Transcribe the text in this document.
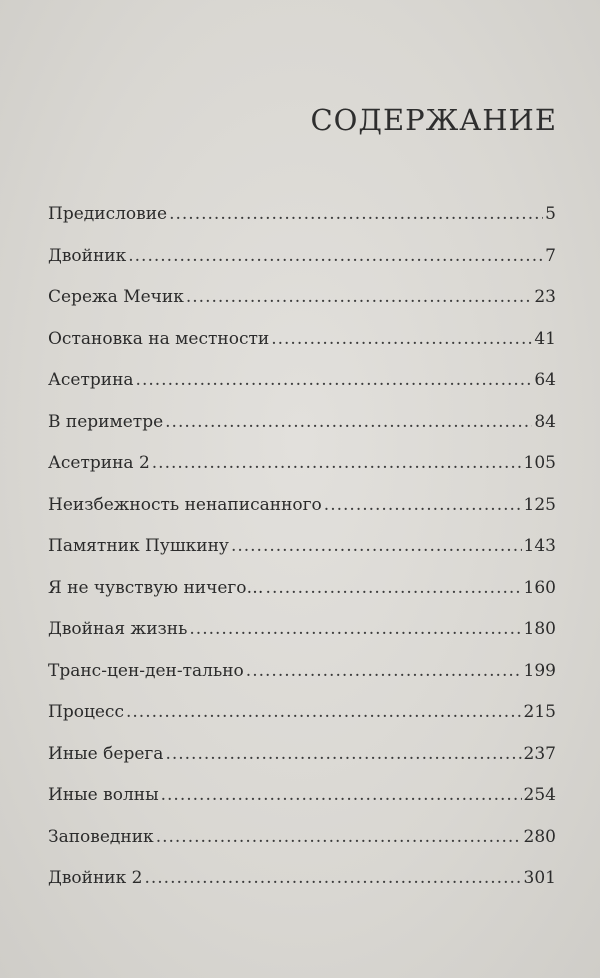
СОДЕРЖАНИЕ
Предисловие .....	5
Двойник .....	7
Сережа Мечик .....	23
Остановка на местности .....	41
Асетрина .....	64
В периметре .....	84
Асетрина 2 .....	105
Неизбежность ненаписанного .....	125
Памятник Пушкину .....	143
Я не чувствую ничего… .....	160
Двойная жизнь .....	180
Транс-цен-ден-тально .....	199
Процесс .....	215
Иные берега .....	237
Иные волны .....	254
Заповедник .....	280
Двойник 2 .....	301
